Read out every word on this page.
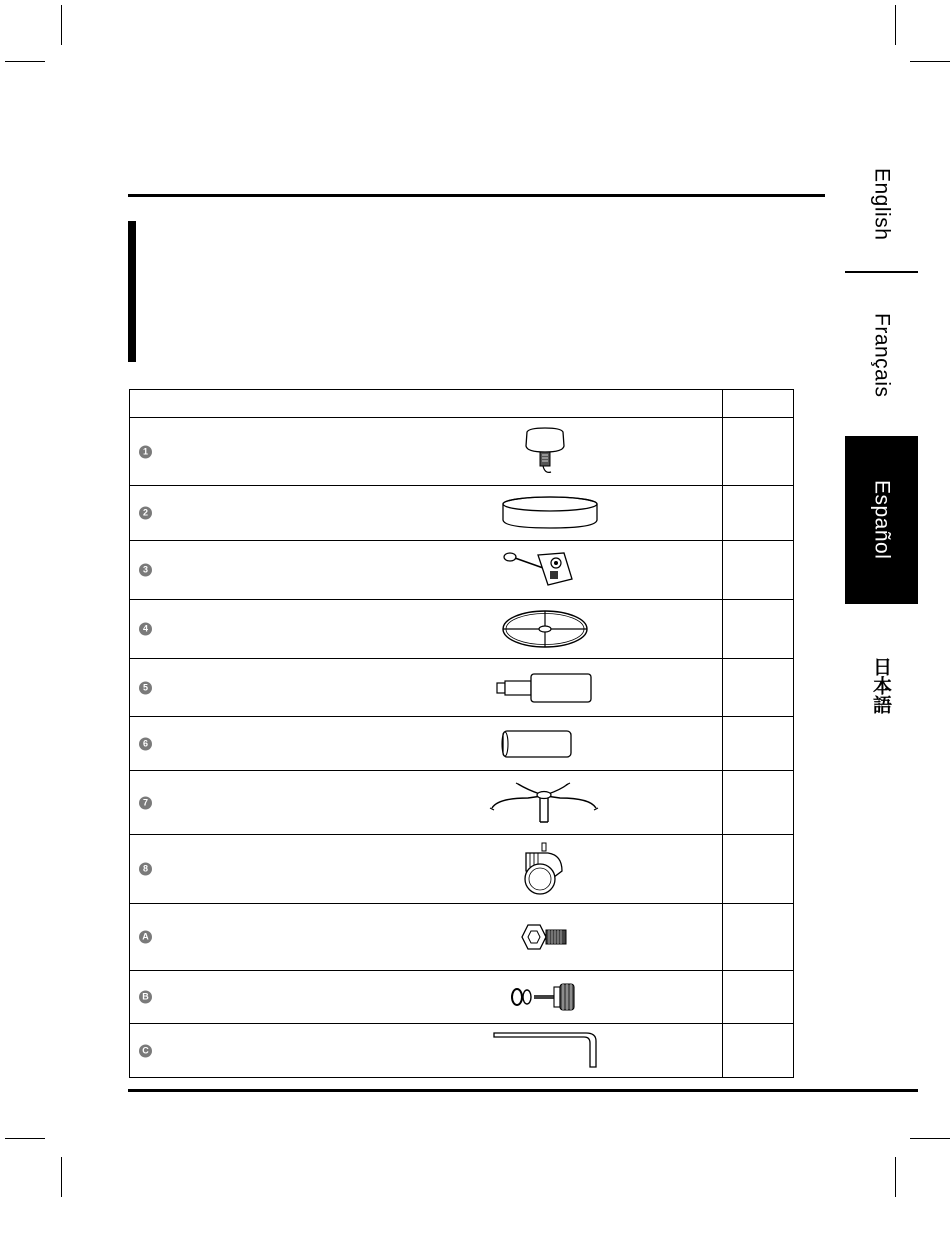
English
Français
Español
日本語

1	

2	

3	

4	

5	

6	

7	

8	

A	

B	

C	
